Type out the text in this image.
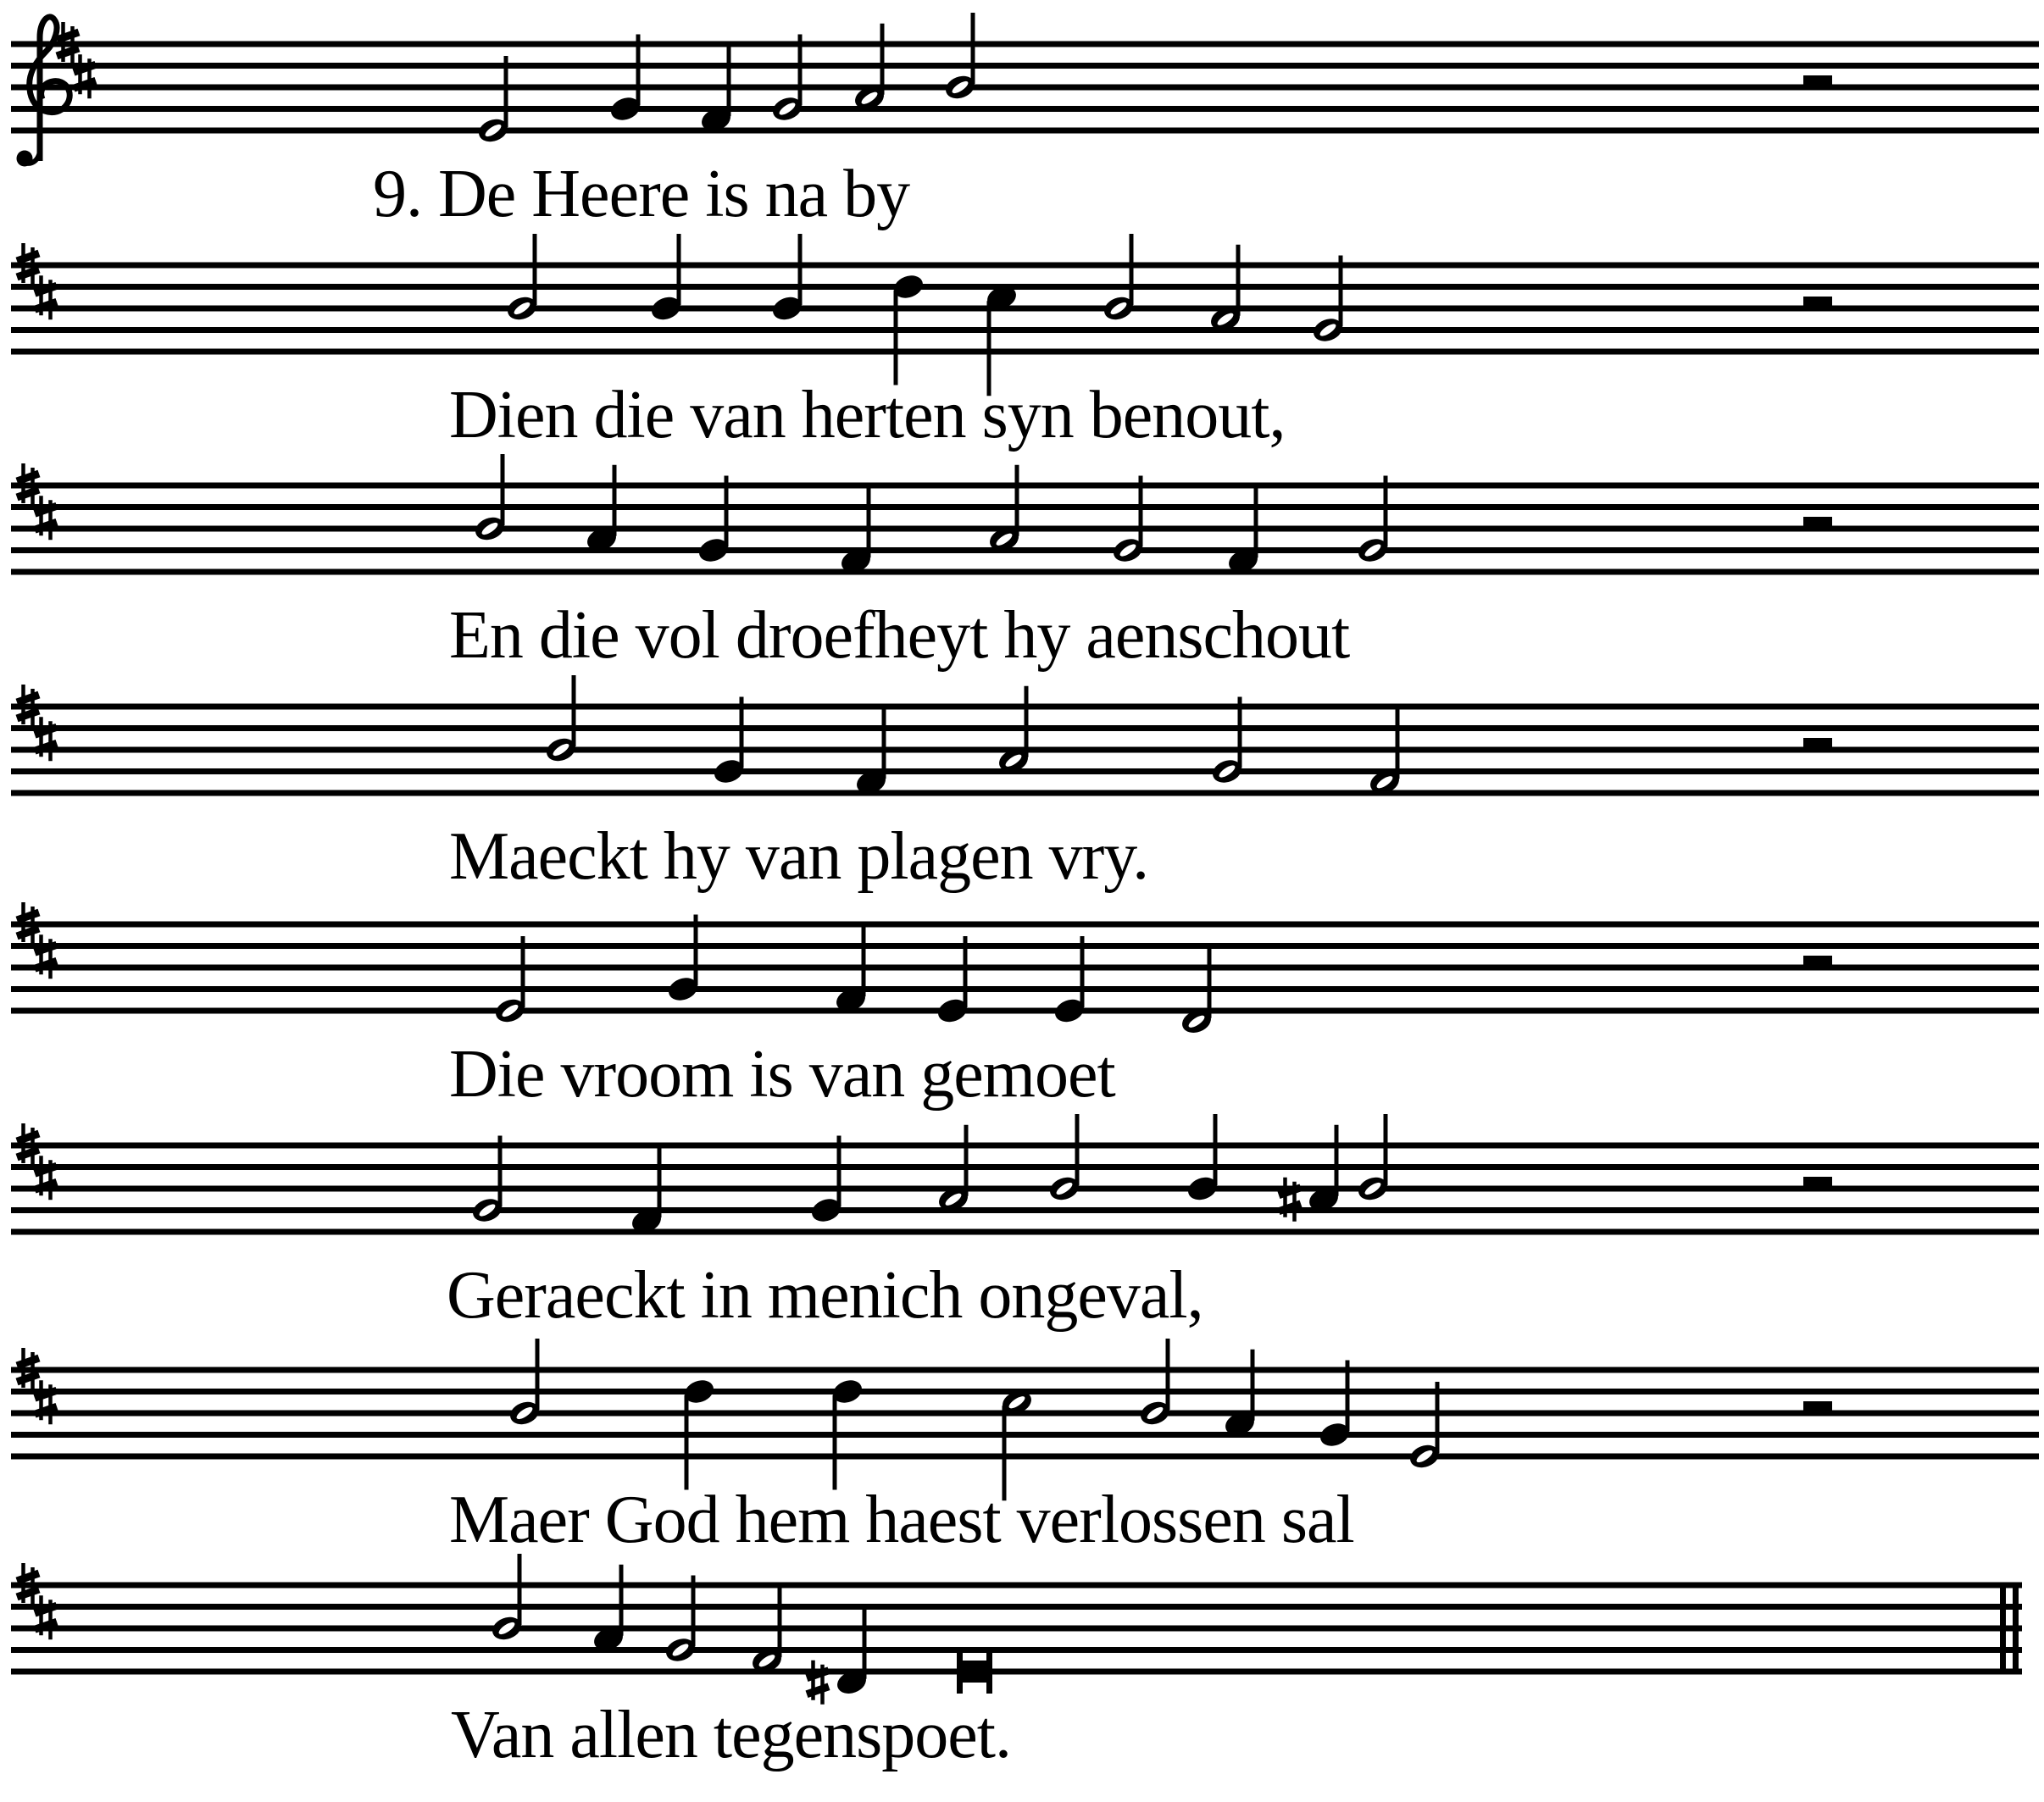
9. De Heere is na by
Dien die van herten syn benout,
En die vol droefheyt hy aenschout
Maeckt hy van plagen vry.
Die vroom is van gemoet
Geraeckt in menich ongeval,
Maer God hem haest verlossen sal
Van allen tegenspoet.
